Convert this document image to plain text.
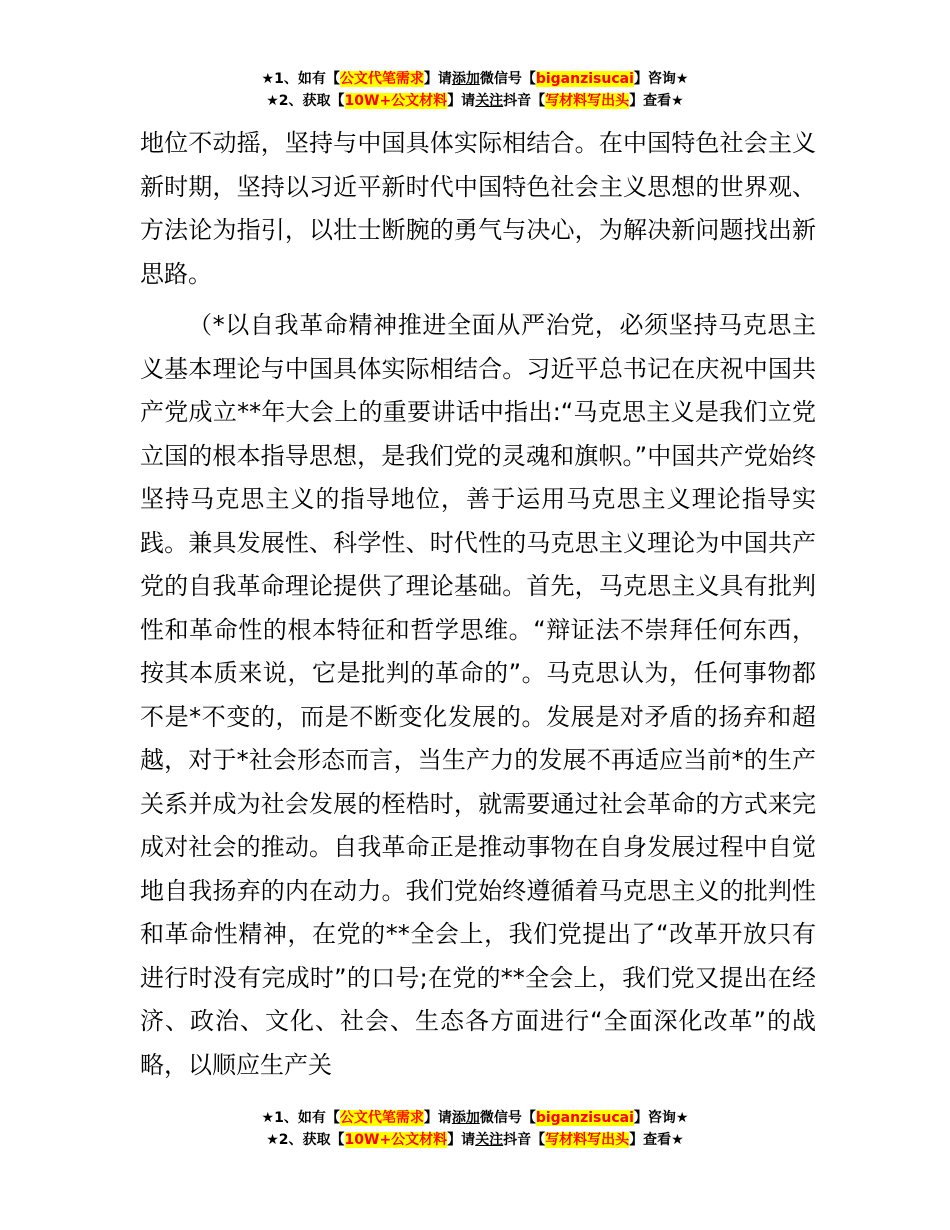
★1、如有【公文代笔需求】请添加微信号【biganzisucai】咨询★
★2、获取【10W+公文材料】请关注抖音【写材料写出头】查看★

地位不动摇，坚持与中国具体实际相结合。在中国特色社会主义新时期，坚持以习近平新时代中国特色社会主义思想的世界观、方法论为指引，以壮士断腕的勇气与决心，为解决新问题找出新思路。

（*以自我革命精神推进全面从严治党，必须坚持马克思主义基本理论与中国具体实际相结合。习近平总书记在庆祝中国共产党成立**年大会上的重要讲话中指出:“马克思主义是我们立党立国的根本指导思想，是我们党的灵魂和旗帜。”中国共产党始终坚持马克思主义的指导地位，善于运用马克思主义理论指导实践。兼具发展性、科学性、时代性的马克思主义理论为中国共产党的自我革命理论提供了理论基础。首先，马克思主义具有批判性和革命性的根本特征和哲学思维。“辩证法不崇拜任何东西，按其本质来说，它是批判的革命的”。马克思认为，任何事物都不是*不变的，而是不断变化发展的。发展是对矛盾的扬弃和超越，对于*社会形态而言，当生产力的发展不再适应当前*的生产关系并成为社会发展的桎梏时，就需要通过社会革命的方式来完成对社会的推动。自我革命正是推动事物在自身发展过程中自觉地自我扬弃的内在动力。我们党始终遵循着马克思主义的批判性和革命性精神，在党的**全会上，我们党提出了“改革开放只有进行时没有完成时”的口号;在党的**全会上，我们党又提出在经济、政治、文化、社会、生态各方面进行“全面深化改革”的战略，以顺应生产关

★1、如有【公文代笔需求】请添加微信号【biganzisucai】咨询★
★2、获取【10W+公文材料】请关注抖音【写材料写出头】查看★
